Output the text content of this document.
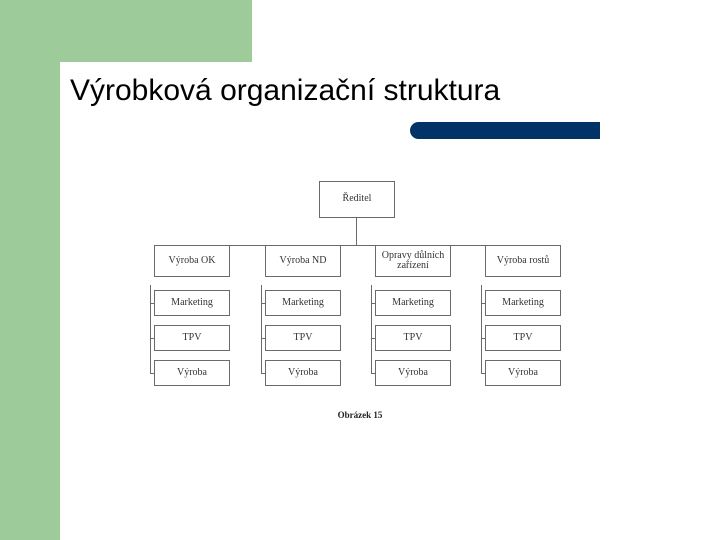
Výrobková organizační struktura
Ředitel
Výroba OK
Marketing
TPV
Výroba
Výroba ND
Marketing
TPV
Výroba
Opravy důlních zařízení
Marketing
TPV
Výroba
Výroba rostů
Marketing
TPV
Výroba
Obrázek 15
